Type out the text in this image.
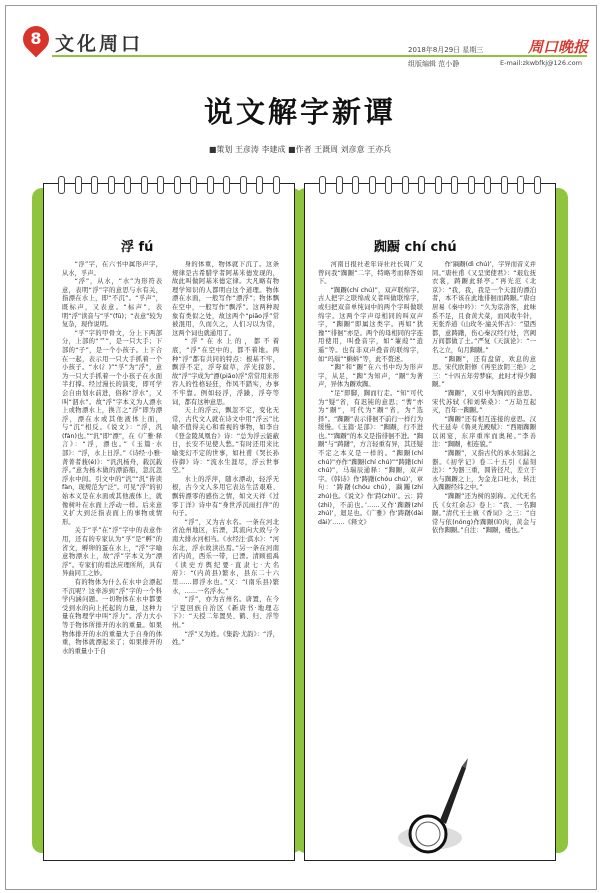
8 文化周口	2018年8月29日 星期三	周口晚报
组版编辑 范小静	E-mail:zkwbfkj@126.com
说文解字新谭
■策划 王彦涛 李建成 ■作者 王溉周 刘彦意 王亦兵
浮 fú	踟蹰 chí chú

“浮”字，在六书中属形声字，从水，孚声。

“浮”，从水，“水”为形符表意，表明“浮”字的意思与水有关，指漂在水上，即“不沉”。“孚声”，既标声，又表意。“标声”，表明“浮”读音与“孚”(fū)；“表意”较为复杂，现作说明。

“孚”字的甲骨文，分上下两部分，上部的“爫”，是一只大手；下部的“子”，是一个小孩子。上下合在一起，表示用一只大手抓着一个小孩子。“水(氵)”“孚”为“浮”，意为一只大手抓着一个小孩子在水面半打撑。经过漫长的演变，即可学会自由划水前进，俗称“浮水”，又叫“泅水”。故“浮”字本义为人漂水上或物漂水上，换言之“浮”即为漂浮，漂在水或其他液体上面，与“沉”相反。《说文》：“浮，汎(fàn)也。”“汎”即“漂”，在《广雅·释言》：“浮，漂也。”《玉篇·水部》：“浮，水上日浮。”《诗经·小雅·菁菁者莪(é)》：“汎汎杨舟，载沉载浮。”意为杨木做的漂游船，忽沉忽浮水中间。引文中的“汎”“汎”皆读fàn，现规范为“泛”。可见“浮”的初始本义是在水面或其他液体上，就像树叶在水面上浮动一样。后来意义扩大到泛指表面上的事物或情形。

关于“孚”在“浮”字中的表意作用，还有的专家认为“孚”是“孵”的省文，孵卵的蛋在水上，“浮”字喻意物漂水上，故“浮”字本义为“漂浮”。专家们的看法应理所所，具有异曲同工之妙。

有的物体为什么在水中会漂起不沉呢？这牵涉到“浮”字的一个科学内涵问题。一切物体在水中都要受到水的向上托起的力量，这种力量在物理学中叫“浮力”。浮力大小等于物体所排开的水的重量。如果物体排开的水的重量大于自身的体重，物体就漂起来了；如果排开的水的重量小于自

身的体重，物体就下沉了。这条规律是古希腊学者阿基米德发现的，故此叫做阿基米德定律。大凡略有物理学知识的人都明白这个道理。物体漂在水面，一般写作“漂浮”；物体飘在空中，一般写作“飘浮”。这两种现象有类似之处，故这两个“piāo浮”常被混用，久而久之，人们习以为常，这两个词也就通用了。

“浮”在水上的，都不着底，“浮”在空中的，都不着地。两种“浮”都有共同的特点：根基不牢，飘浮不定，浮夸腐草，浮光掠影。故“浮”字成为“漂(piāo)浮”常常用来形容人的性格轻狂，作风不踏实，办事不牢靠。例如轻浮，浮躁，浮夸等词，都有这种意思。

天上的浮云，飘忽不定，变化无常，古代文人就在诗文中用“浮云”比喻不值得关心和看视的事物，如李白《登金陵凤凰台》诗：“总为浮云能蔽日，长安不见使人愁。”有时还用来比喻变幻不定的世事，如杜甫《哭长孙侍御》诗：“流水生涯尽，浮云世事空。”

水上的浮萍，随水漂动，轻浮无根，古今文人多用它表达生活艰难、飘转漂零的感伤之情，如文天祥《过零丁洋》诗中有“身世浮沉雨打萍”的句子。

“浮”，又为古水名。一条在河北省沧州地区，后湮，其流向大致与今南大排水河相当。《水经注·淇水》：“河东北，浮水故渎出焉。”另一条在河南省内黄，西乐一带，已湮。清顾祖禹《读史方舆纪要·直隶七·大名府》：“(内黄县)繁水，县东二十六里……即浮水也。”又：“(南乐县)繁水，……一名浮水。”

“浮”，亦为古州名。唐置，在今宁夏回族自治区《新唐书·地理志下》：“天授二年置吴、鹤、归、浮等州。”

“浮”又为姓。《集韵·尤韵》：“浮，姓。”

河南日报社老年诗社社长周广义曾问我“踟蹰”二字，特略考而释答如下。

“踟蹰(chí chú)”，双声联绵字。古人把字之联绵成义者叫做联绵字，或归把双音单纯词中的两个字叫做联绵字。这两个字声母相同的叫双声字，“踟蹰”即属这类字。再如“犹豫”“徘徊”亦是。两个的母相同的字连用使用，叫叠音字，如“蒹葭”“逍遥”等。也有非双声叠音的联绵字，如“玛瑙”“蝌蚪”等，此不赘述。

“踟”和“蹰”在六书中均为形声字，从足，“踟”为知声，“蹰”为著声，异体为蹰欢踟。

“足”即脚，踟而行走。“知”可代为“疑”省，有迟钝的意思；“蓍”亦为“蹰”，可代为“蹰”省，为“选择”。“踟蹰”表示徘徊不前行一样行为缓慢。《玉篇·足部》：“踟蹰，行不进也。”“踟蹰”的本义是指徘徊不进。“踟蹰”与“踌躇”，方言轻重有异，其还疑不定之本义是一样的。“踟蹰(chí chú)”亦作“踟蹰(chí chú)”“踌躇(chí chú)”，马瑞辰通释：“踟蹰，双声字。《韩诗》作‘踌躇(chóu chú)’，章句：‘踌躇(chóu chú)，蹢躅(zhí zhú)也。《说文》作‘跱(zhì)’。云：跱(zhì)，不前也。’……又作‘踟蹰(zhí zhú)’，迴足也。《广雅》作‘踌躇(dài dài)’……《释文》

作‘蹢蹰(dì chú)’，字异而音义并同。”唐杜甫《又呈窦使君》：“艰危抚衣裳，踌蹰此驿亭。”再光范《北京》：“我，我，我是一个天涯的漂泊者，本不该在此地徘徊而踌蹰。”唐白居易《秦中吟》：“久为京洛客，此味系不足，且食黄犬菜，而风收牛针，无张乔道《山玫冬·潼关怀古》：“望西都，意踌躇，伤心秦汉经行处，宫阙万间都做了土。”严复《天演论》：“一名之立，旬月踟蹰。”

“踟蹰”，还有盘留、欢息的意思。宋代欧阳修《再至汝阴三绝》之三：“十四五年劳梦寐，此时才得少踟蹰。”

“踟蹰”，又引申为胸间的意思。宋代苏轼《和刘柴桑》：“万劫互起灭，百年一踟蹰。”

“踟蹰”还有相互连接的意思。汉代王延寿《鲁灵光殿赋》：“西厢踟蹰以闲宴，东序重库而奥秘。”李善注：“踟蹰，相连貌。”

“踟蹰”，又指古代的承水刻漏之器。《初学记》卷二十五引《漏刻法》：“为器三重，圆皆径尺，差立于水与踟蹰之上，为金龙口吐水，转注入踟蹰经纬之中。”

“踟蹰”还为树的别称。元代无名氏《女红余志》卷上：“我、一名踟蹰。”清代王士禛《香词》之三：“白常与依(nóng)作踟蹰(lí)肉，黄金与依作踟蹰。”自注：“踟蹰，楼也。”
